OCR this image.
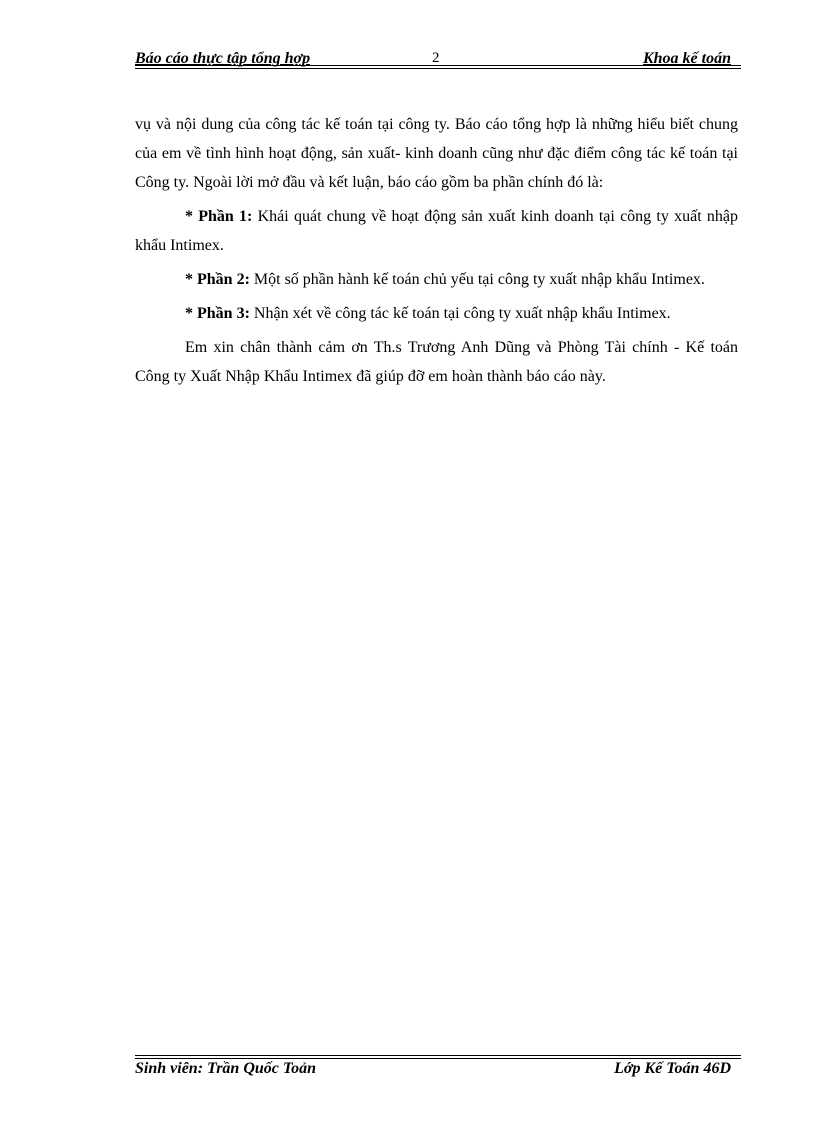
Báo cáo thực tập tổng hợp	2	Khoa kế toán

vụ và nội dung của công tác kế toán tại công ty. Báo cáo tổng hợp là những hiểu biết chung của em về tình hình hoạt động, sản xuất- kinh doanh cũng như đặc điểm công tác kế toán tại Công ty. Ngoài lời mở đầu và kết luận, báo cáo gồm ba phần chính đó là:

* Phần 1: Khái quát chung về hoạt động sản xuất kinh doanh tại công ty xuất nhập khẩu Intimex.

* Phần 2: Một số phần hành kế toán chủ yếu tại công ty xuất nhập khẩu Intimex.

* Phần 3: Nhận xét về công tác kế toán tại công ty xuất nhập khẩu Intimex.

Em xin chân thành cảm ơn Th.s Trương Anh Dũng và Phòng Tài chính - Kế toán Công ty Xuất Nhập Khẩu Intimex đã giúp đỡ em hoàn thành báo cáo này.

Sinh viên: Trần Quốc Toản	Lớp Kế Toán 46D
